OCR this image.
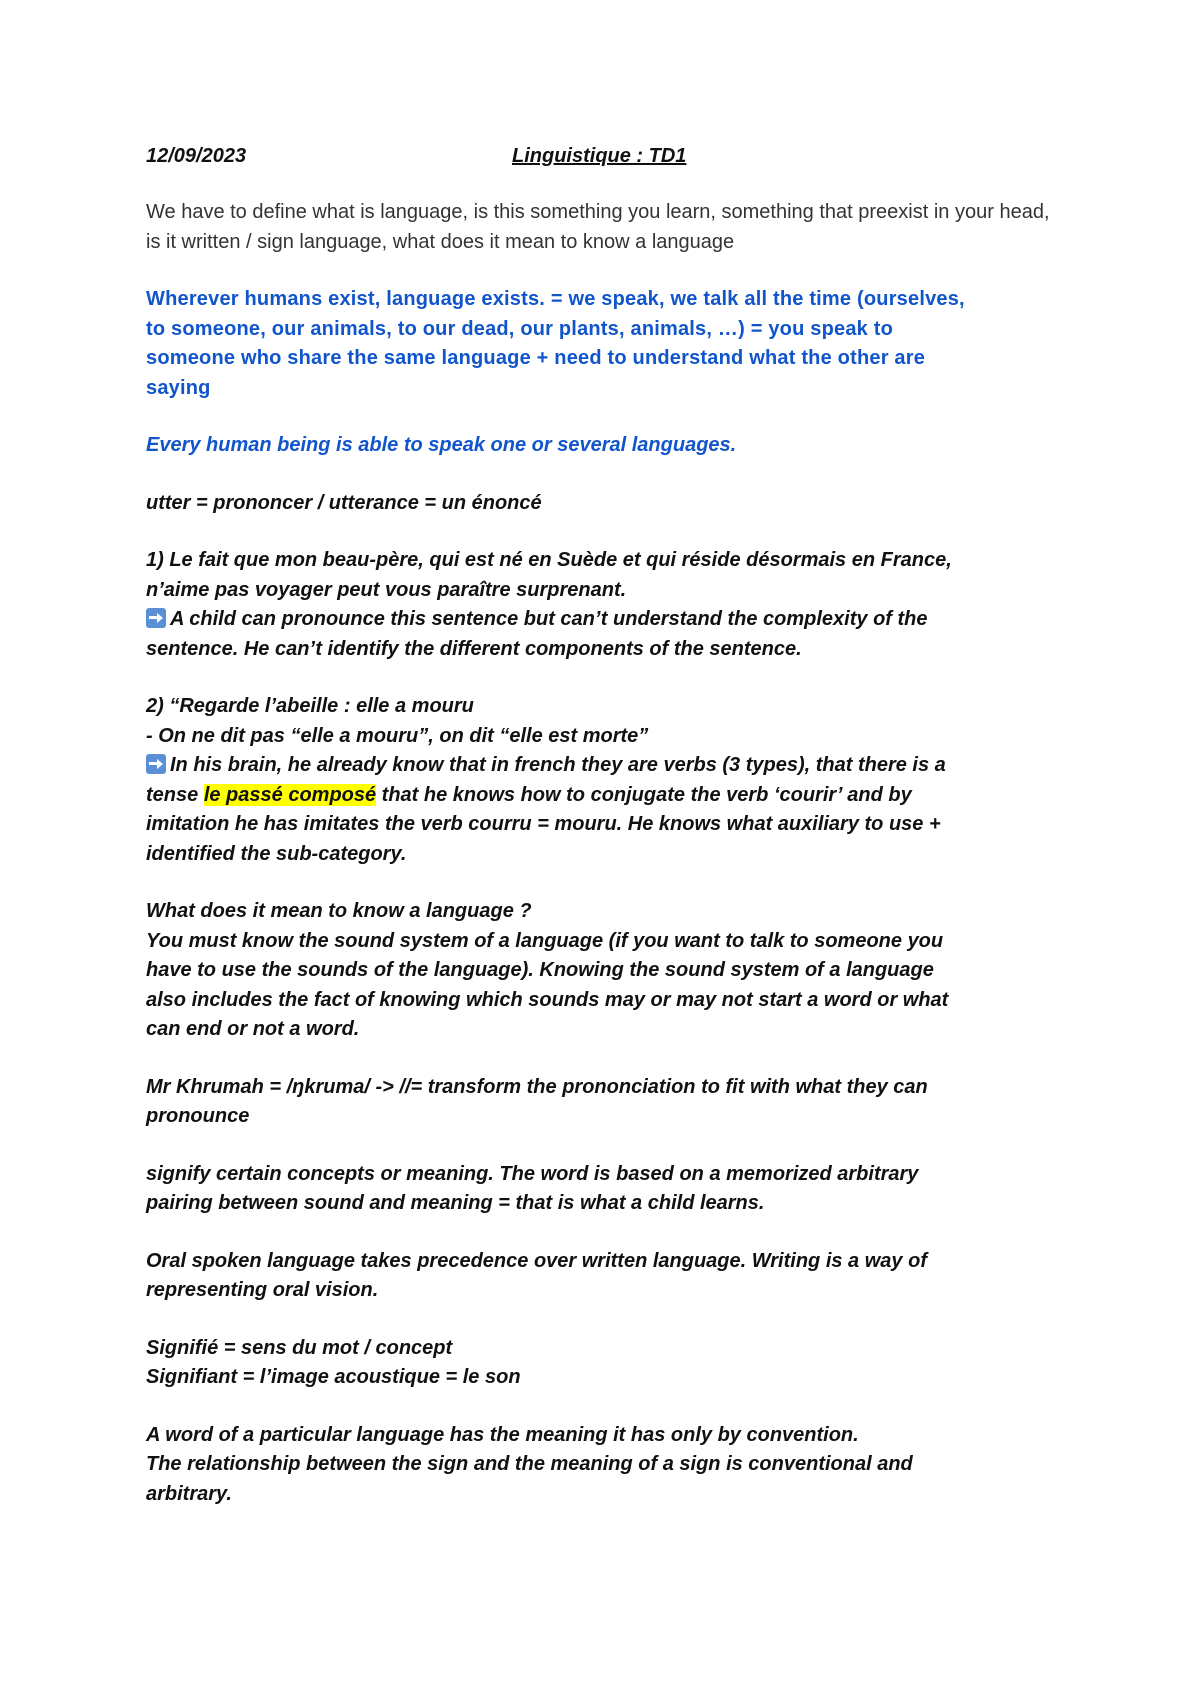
12/09/2023	Linguistique : TD1

We have to define what is language, is this something you learn, something that preexist in your head, is it written / sign language, what does it mean to know a language

Wherever humans exist, language exists. = we speak, we talk all the time (ourselves,
to someone, our animals, to our dead, our plants, animals, …) = you speak to
someone who share the same language + need to understand what the other are
saying

Every human being is able to speak one or several languages.

utter = prononcer / utterance = un énoncé

1) Le fait que mon beau-père, qui est né en Suède et qui réside désormais en France,
n’aime pas voyager peut vous paraître surprenant.
A child can pronounce this sentence but can’t understand the complexity of the
sentence. He can’t identify the different components of the sentence.

2) “Regarde l’abeille : elle a mouru
- On ne dit pas “elle a mouru”, on dit “elle est morte”
In his brain, he already know that in french they are verbs (3 types), that there is a
tense le passé composé that he knows how to conjugate the verb ‘courir’ and by
imitation he has imitates the verb courru = mouru. He knows what auxiliary to use +
identified the sub-category.

What does it mean to know a language ?
You must know the sound system of a language (if you want to talk to someone you
have to use the sounds of the language). Knowing the sound system of a language
also includes the fact of knowing which sounds may or may not start a word or what
can end or not a word.

Mr Khrumah = /ŋkruma/ -> //= transform the prononciation to fit with what they can
pronounce

signify certain concepts or meaning. The word is based on a memorized arbitrary
pairing between sound and meaning = that is what a child learns.

Oral spoken language takes precedence over written language. Writing is a way of
representing oral vision.

Signifié = sens du mot / concept
Signifiant = l’image acoustique = le son

A word of a particular language has the meaning it has only by convention.
The relationship between the sign and the meaning of a sign is conventional and
arbitrary.
